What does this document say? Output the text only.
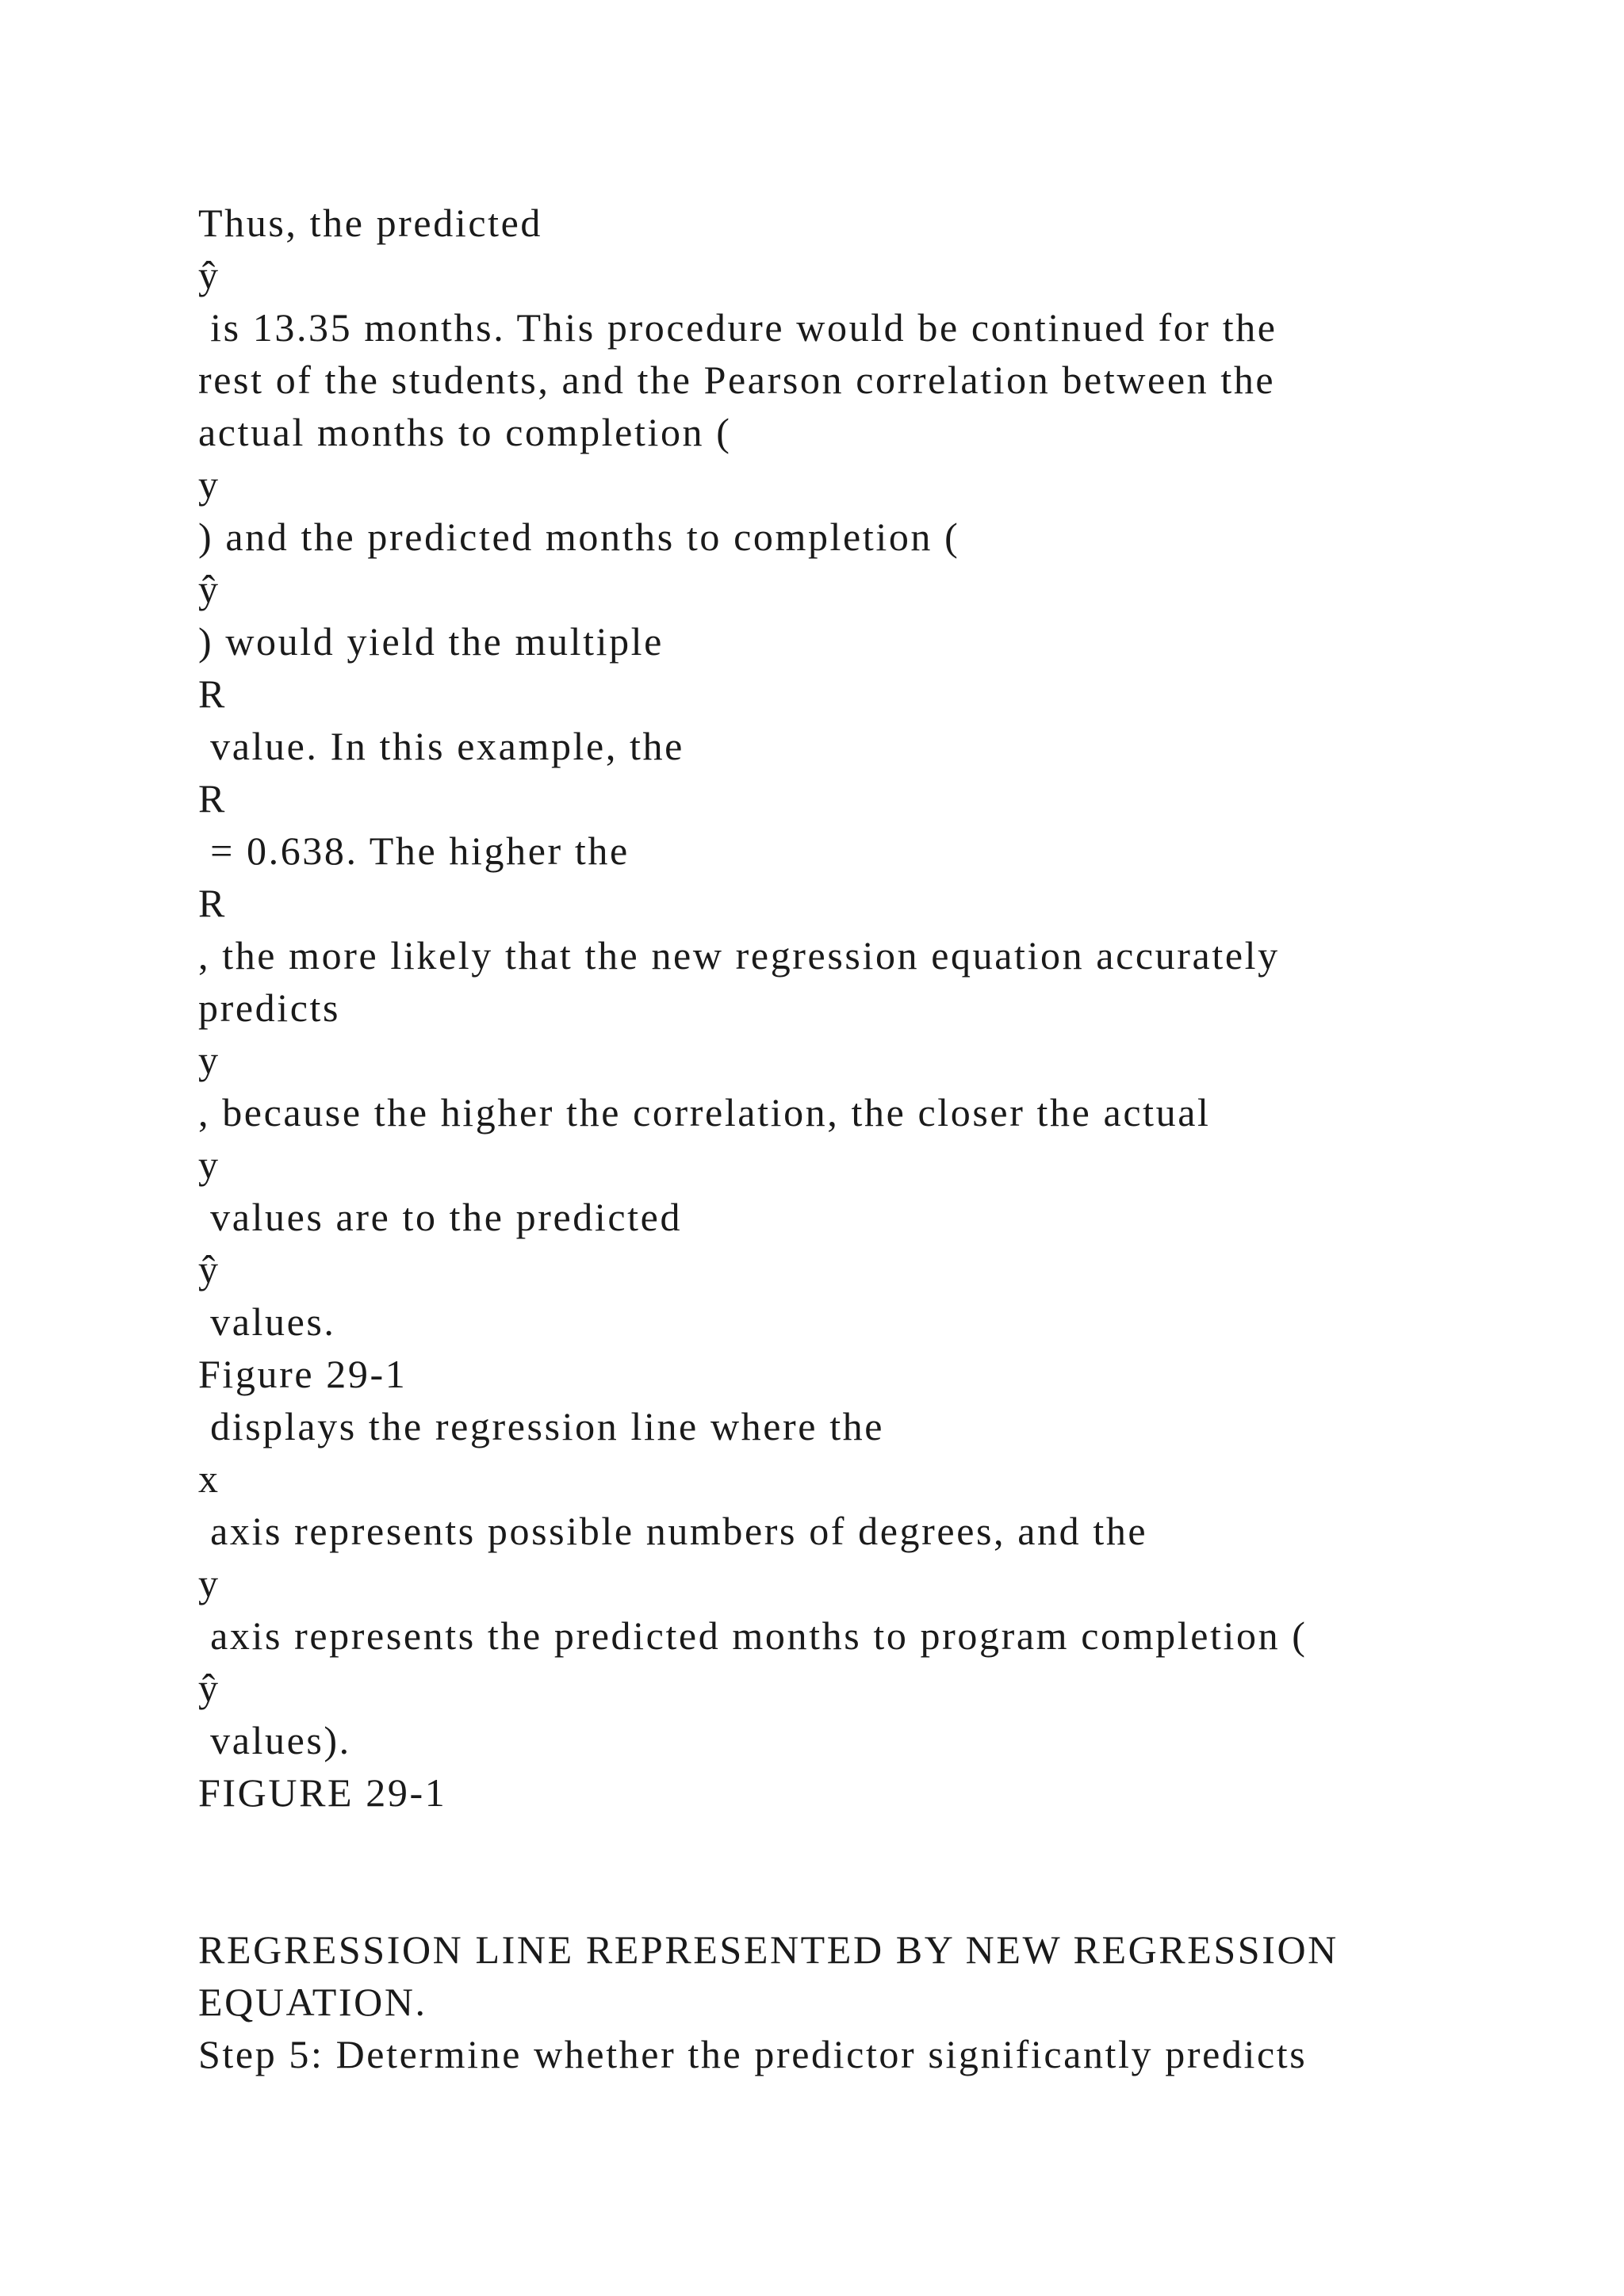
Thus, the predicted
ŷ
is 13.35 months. This procedure would be continued for the
rest of the students, and the Pearson correlation between the
actual months to completion (
y
) and the predicted months to completion (
ŷ
) would yield the multiple
R
value. In this example, the
R
= 0.638. The higher the
R
, the more likely that the new regression equation accurately
predicts
y
, because the higher the correlation, the closer the actual
y
values are to the predicted
ŷ
values.
Figure 29-1
displays the regression line where the
x
axis represents possible numbers of degrees, and the
y
axis represents the predicted months to program completion (
ŷ
values).
FIGURE 29-1
REGRESSION LINE REPRESENTED BY NEW REGRESSION
EQUATION.
Step 5: Determine whether the predictor significantly predicts
